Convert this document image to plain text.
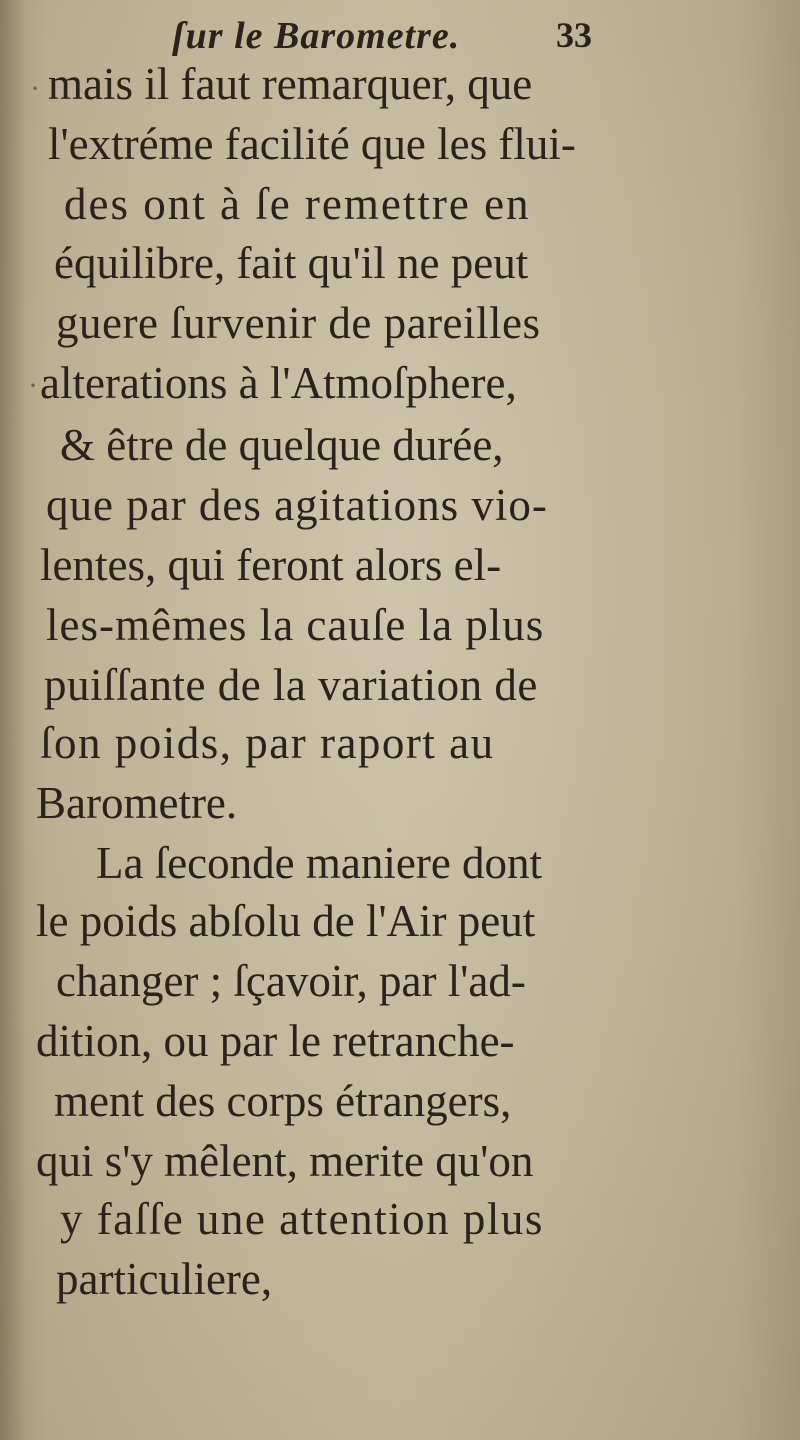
ſur le Barometre.	33
· mais il faut remarquer, que
l'extréme facilité que les flui-
des ont à ſe remettre en
équilibre, fait qu'il ne peut
guere ſurvenir de pareilles
· alterations à l'Atmoſphere,
& être de quelque durée,
que par des agitations vio-
lentes, qui feront alors el-
les-mêmes la cauſe la plus
puiſſante de la variation de
ſon poids, par raport au
Barometre.
La ſeconde maniere dont
le poids abſolu de l'Air peut
changer ; ſçavoir, par l'ad-
dition, ou par le retranche-
ment des corps étrangers,
qui s'y mêlent, merite qu'on
y faſſe une attention plus
particuliere,
